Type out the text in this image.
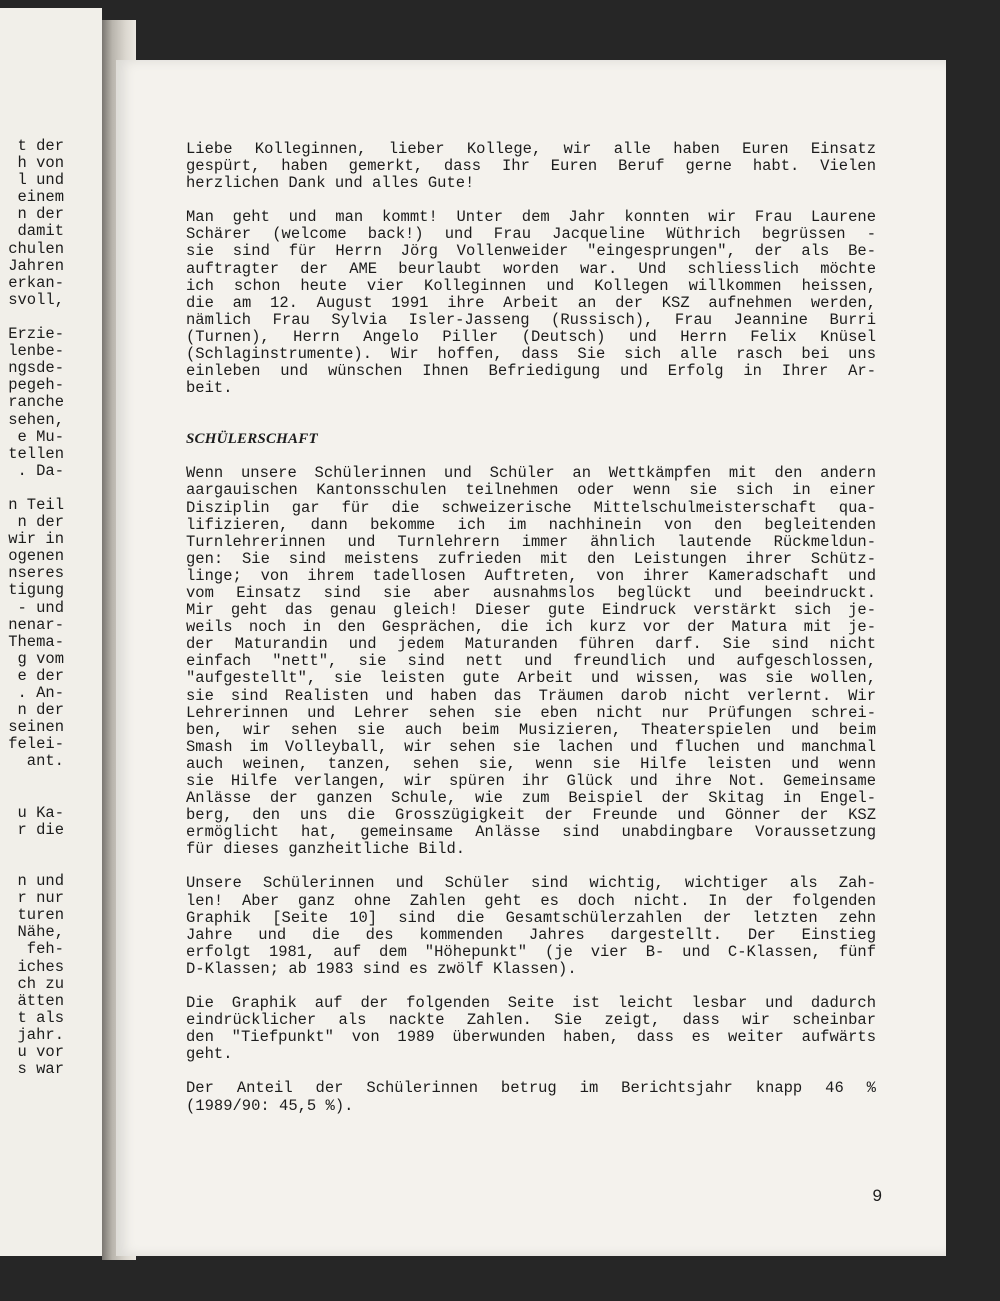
t der
h von
l und
einem
n der
damit
chulen
Jahren
erkan-
svoll,

Erzie-
lenbe-
ngsde-
pegeh-
ranche
sehen,
e Mu-
tellen
. Da-

n Teil
n der
wir in
ogenen
nseres
tigung
- und
nenar-
Thema-
g vom
e der
. An-
n der
seinen
feleі-
ant.

u Ka-
r die

n und
r nur
turen
Nähe,
feh-
iches
ch zu
ätten
t als
jahr.
u vor
s war
Liebe Kolleginnen, lieber Kollege, wir alle haben Euren Einsatz
gespürt, haben gemerkt, dass Ihr Euren Beruf gerne habt. Vielen
herzlichen Dank und alles Gute!
Man geht und man kommt! Unter dem Jahr konnten wir Frau Laurene
Schärer (welcome back!) und Frau Jacqueline Wüthrich begrüssen -
sie sind für Herrn Jörg Vollenweider "eingesprungen", der als Be-
auftragter der AME beurlaubt worden war. Und schliesslich möchte
ich schon heute vier Kolleginnen und Kollegen willkommen heissen,
die am 12. August 1991 ihre Arbeit an der KSZ aufnehmen werden,
nämlich Frau Sylvia Isler-Jasseng (Russisch), Frau Jeannine Burri
(Turnen), Herrn Angelo Piller (Deutsch) und Herrn Felix Knüsel
(Schlaginstrumente). Wir hoffen, dass Sie sich alle rasch bei uns
einleben und wünschen Ihnen Befriedigung und Erfolg in Ihrer Ar-
beit.
SCHÜLERSCHAFT
Wenn unsere Schülerinnen und Schüler an Wettkämpfen mit den andern
aargauischen Kantonsschulen teilnehmen oder wenn sie sich in einer
Disziplin gar für die schweizerische Mittelschulmeisterschaft qua-
lifizieren, dann bekomme ich im nachhinein von den begleitenden
Turnlehrerinnen und Turnlehrern immer ähnlich lautende Rückmeldun-
gen: Sie sind meistens zufrieden mit den Leistungen ihrer Schütz-
linge; von ihrem tadellosen Auftreten, von ihrer Kameradschaft und
vom Einsatz sind sie aber ausnahmslos beglückt und beeindruckt.
Mir geht das genau gleich! Dieser gute Eindruck verstärkt sich je-
weils noch in den Gesprächen, die ich kurz vor der Matura mit je-
der Maturandin und jedem Maturanden führen darf. Sie sind nicht
einfach "nett", sie sind nett und freundlich und aufgeschlossen,
"aufgestellt", sie leisten gute Arbeit und wissen, was sie wollen,
sie sind Realisten und haben das Träumen darob nicht verlernt. Wir
Lehrerinnen und Lehrer sehen sie eben nicht nur Prüfungen schrei-
ben, wir sehen sie auch beim Musizieren, Theaterspielen und beim
Smash im Volleyball, wir sehen sie lachen und fluchen und manchmal
auch weinen, tanzen, sehen sie, wenn sie Hilfe leisten und wenn
sie Hilfe verlangen, wir spüren ihr Glück und ihre Not. Gemeinsame
Anlässe der ganzen Schule, wie zum Beispiel der Skitag in Engel-
berg, den uns die Grosszügigkeit der Freunde und Gönner der KSZ
ermöglicht hat, gemeinsame Anlässe sind unabdingbare Voraussetzung
für dieses ganzheitliche Bild.
Unsere Schülerinnen und Schüler sind wichtig, wichtiger als Zah-
len! Aber ganz ohne Zahlen geht es doch nicht. In der folgenden
Graphik [Seite 10] sind die Gesamtschülerzahlen der letzten zehn
Jahre und die des kommenden Jahres dargestellt. Der Einstieg
erfolgt 1981, auf dem "Höhepunkt" (je vier B- und C-Klassen, fünf
D-Klassen; ab 1983 sind es zwölf Klassen).
Die Graphik auf der folgenden Seite ist leicht lesbar und dadurch
eindrücklicher als nackte Zahlen. Sie zeigt, dass wir scheinbar
den "Tiefpunkt" von 1989 überwunden haben, dass es weiter aufwärts
geht.
Der Anteil der Schülerinnen betrug im Berichtsjahr knapp 46 %
(1989/90: 45,5 %).
9
